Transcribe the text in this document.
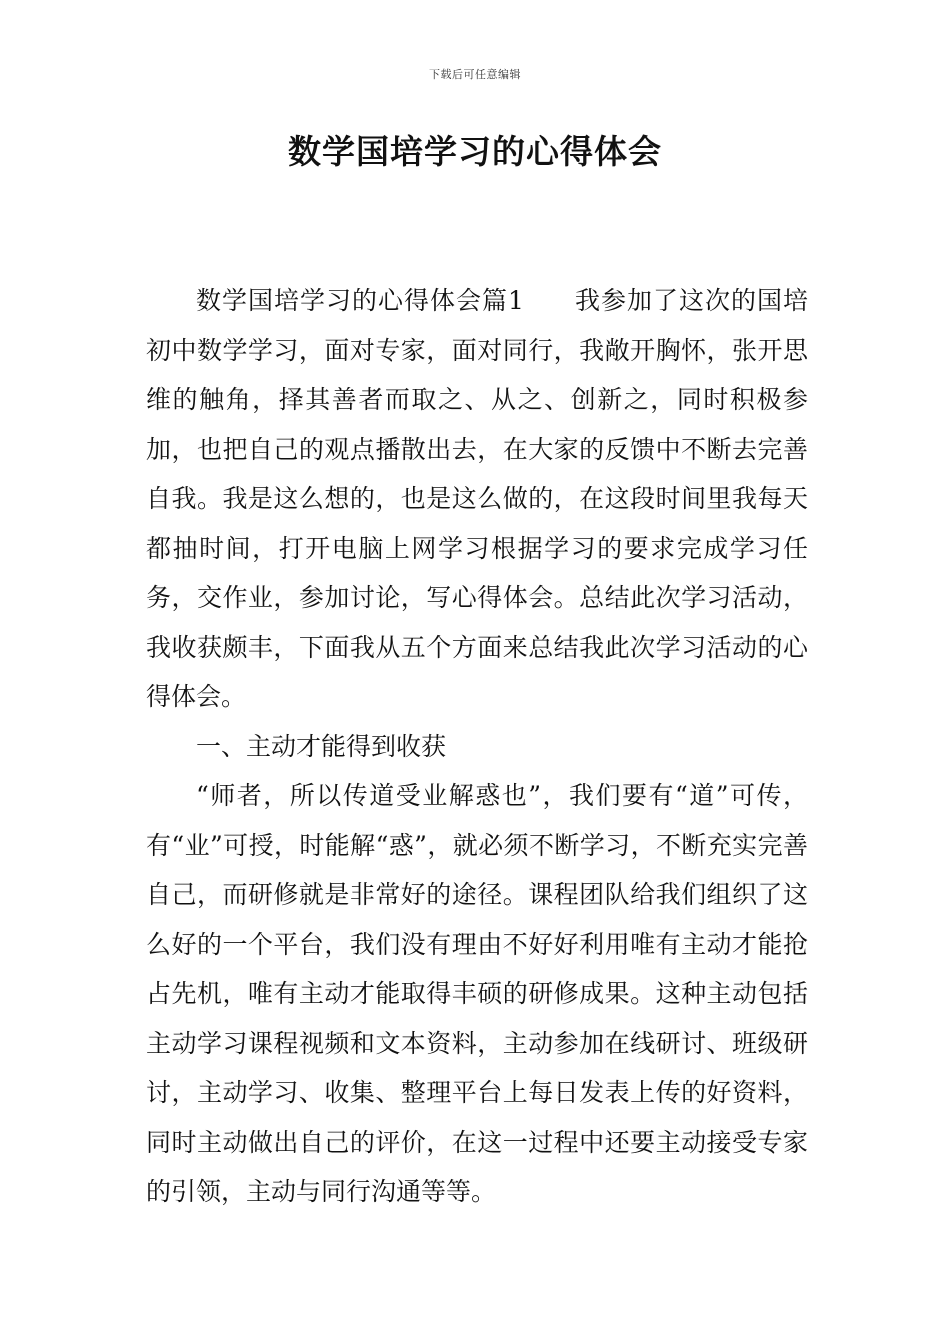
下载后可任意编辑
数学国培学习的心得体会

数学国培学习的心得体会篇1 我参加了这次的国培初中数学学习，面对专家，面对同行，我敞开胸怀，张开思维的触角，择其善者而取之、从之、创新之，同时积极参加，也把自己的观点播散出去，在大家的反馈中不断去完善自我。我是这么想的，也是这么做的，在这段时间里我每天都抽时间，打开电脑上网学习根据学习的要求完成学习任务，交作业，参加讨论，写心得体会。总结此次学习活动，我收获颇丰，下面我从五个方面来总结我此次学习活动的心得体会。

一、主动才能得到收获

“师者，所以传道受业解惑也”，我们要有“道”可传，有“业”可授，时能解“惑”，就必须不断学习，不断充实完善自己，而研修就是非常好的途径。课程团队给我们组织了这么好的一个平台，我们没有理由不好好利用唯有主动才能抢占先机，唯有主动才能取得丰硕的研修成果。这种主动包括主动学习课程视频和文本资料，主动参加在线研讨、班级研讨，主动学习、收集、整理平台上每日发表上传的好资料，同时主动做出自己的评价，在这一过程中还要主动接受专家的引领，主动与同行沟通等等。
